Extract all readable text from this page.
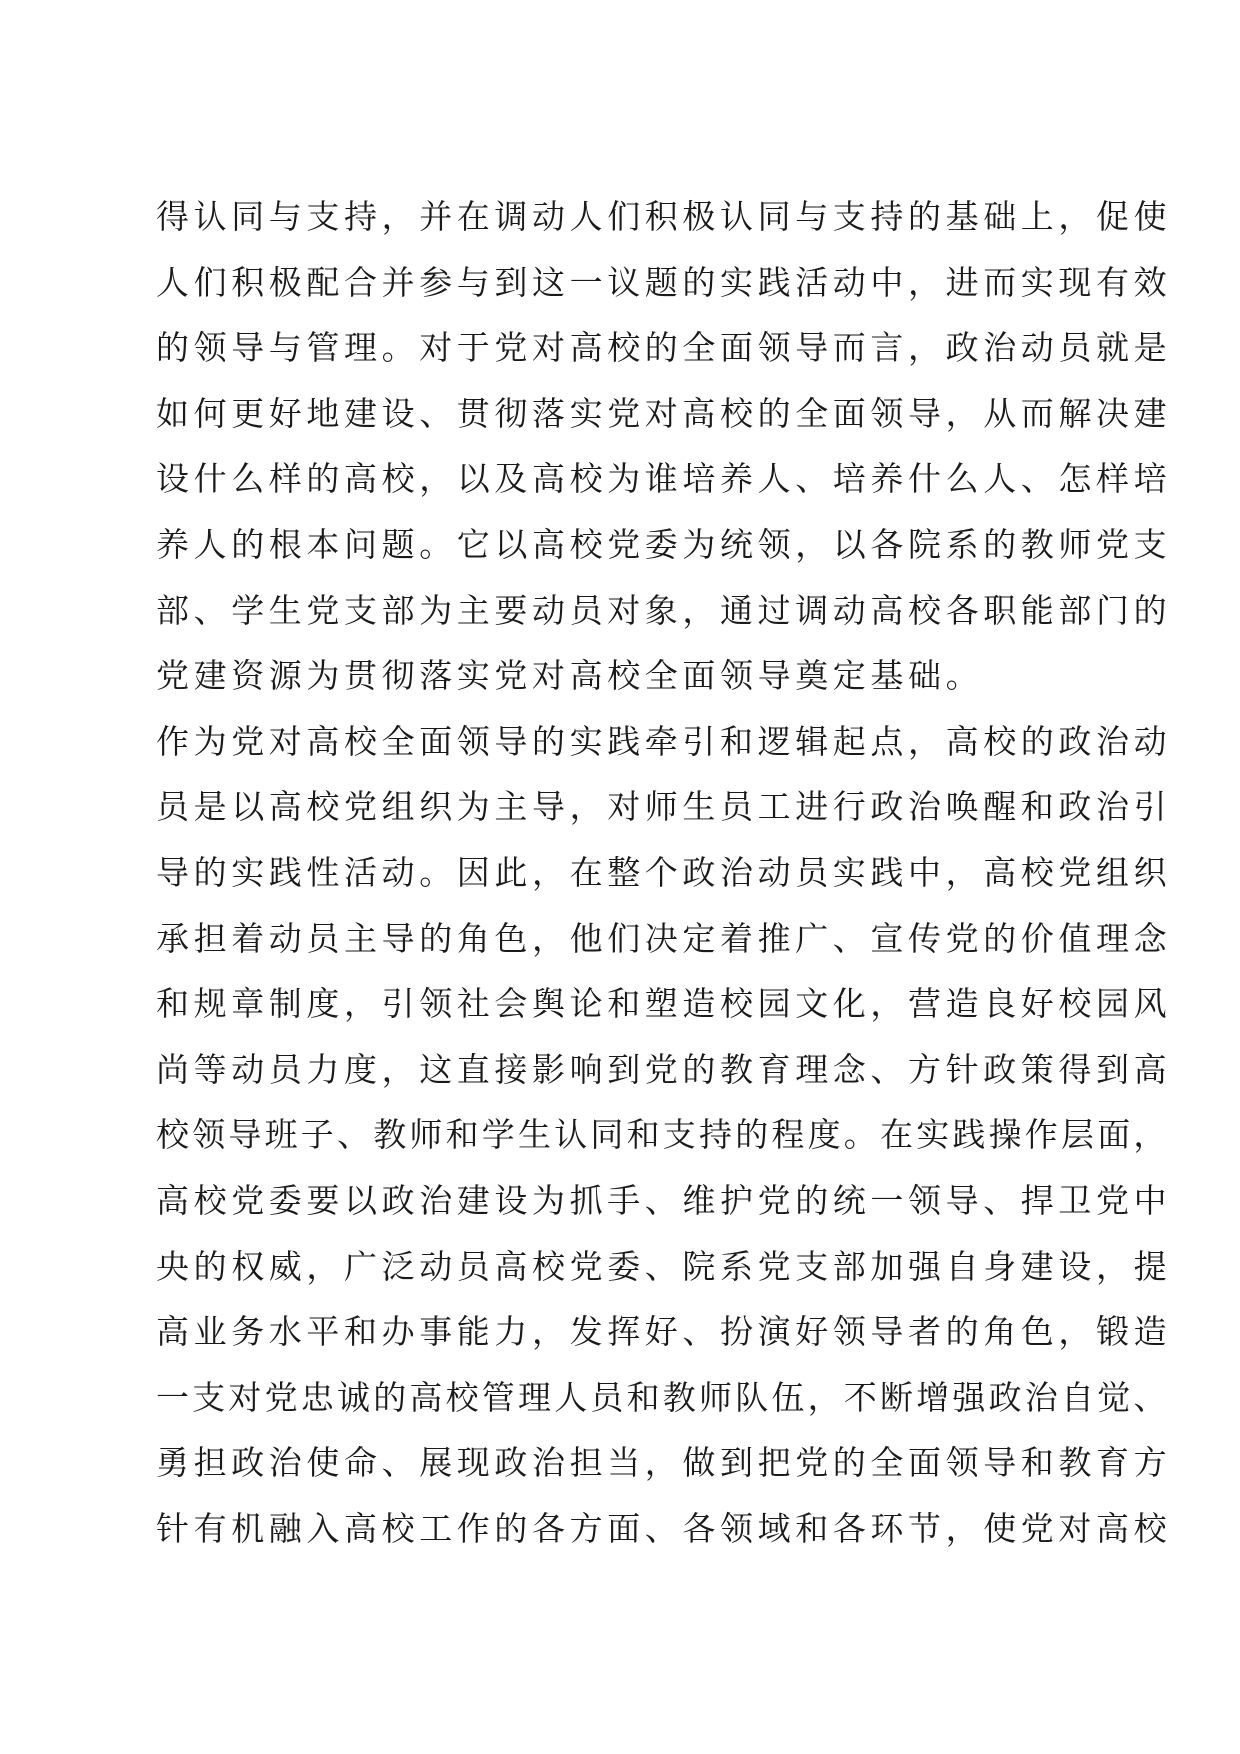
得认同与支持，并在调动人们积极认同与支持的基础上，促使
人们积极配合并参与到这一议题的实践活动中，进而实现有效
的领导与管理。对于党对高校的全面领导而言，政治动员就是
如何更好地建设、贯彻落实党对高校的全面领导，从而解决建
设什么样的高校，以及高校为谁培养人、培养什么人、怎样培
养人的根本问题。它以高校党委为统领，以各院系的教师党支
部、学生党支部为主要动员对象，通过调动高校各职能部门的
党建资源为贯彻落实党对高校全面领导奠定基础。
作为党对高校全面领导的实践牵引和逻辑起点，高校的政治动
员是以高校党组织为主导，对师生员工进行政治唤醒和政治引
导的实践性活动。因此，在整个政治动员实践中，高校党组织
承担着动员主导的角色，他们决定着推广、宣传党的价值理念
和规章制度，引领社会舆论和塑造校园文化，营造良好校园风
尚等动员力度，这直接影响到党的教育理念、方针政策得到高
校领导班子、教师和学生认同和支持的程度。在实践操作层面，
高校党委要以政治建设为抓手、维护党的统一领导、捍卫党中
央的权威，广泛动员高校党委、院系党支部加强自身建设，提
高业务水平和办事能力，发挥好、扮演好领导者的角色，锻造
一支对党忠诚的高校管理人员和教师队伍，不断增强政治自觉、
勇担政治使命、展现政治担当，做到把党的全面领导和教育方
针有机融入高校工作的各方面、各领域和各环节，使党对高校
